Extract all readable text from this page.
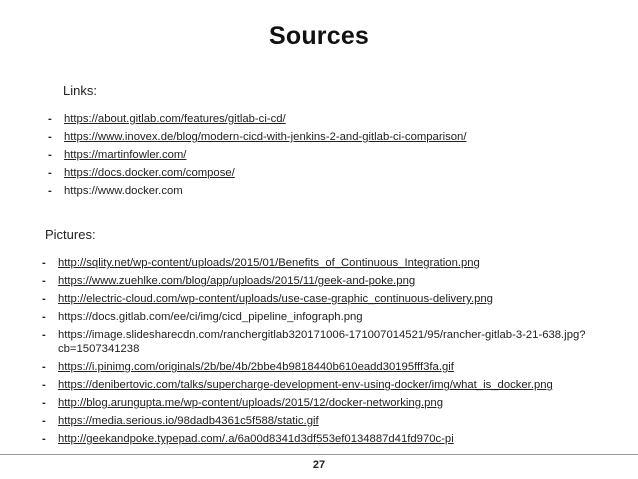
Sources
Links:
-	https://about.gitlab.com/features/gitlab-ci-cd/
-	https://www.inovex.de/blog/modern-cicd-with-jenkins-2-and-gitlab-ci-comparison/
-	https://martinfowler.com/
-	https://docs.docker.com/compose/
-	https://www.docker.com
Pictures:
-	http://sqlity.net/wp-content/uploads/2015/01/Benefits_of_Continuous_Integration.png
-	https://www.zuehlke.com/blog/app/uploads/2015/11/geek-and-poke.png
-	http://electric-cloud.com/wp-content/uploads/use-case-graphic_continuous-delivery.png
-	https://docs.gitlab.com/ee/ci/img/cicd_pipeline_infograph.png
-	https://image.slidesharecdn.com/ranchergitlab320171006-171007014521/95/rancher-gitlab-3-21-638.jpg?cb=1507341238
-	https://i.pinimg.com/originals/2b/be/4b/2bbe4b9818440b610eadd30195fff3fa.gif
-	https://denibertovic.com/talks/supercharge-development-env-using-docker/img/what_is_docker.png
-	http://blog.arungupta.me/wp-content/uploads/2015/12/docker-networking.png
-	https://media.serious.io/98dadb4361c5f588/static.gif
-	http://geekandpoke.typepad.com/.a/6a00d8341d3df553ef0134887d41fd970c-pi
27
